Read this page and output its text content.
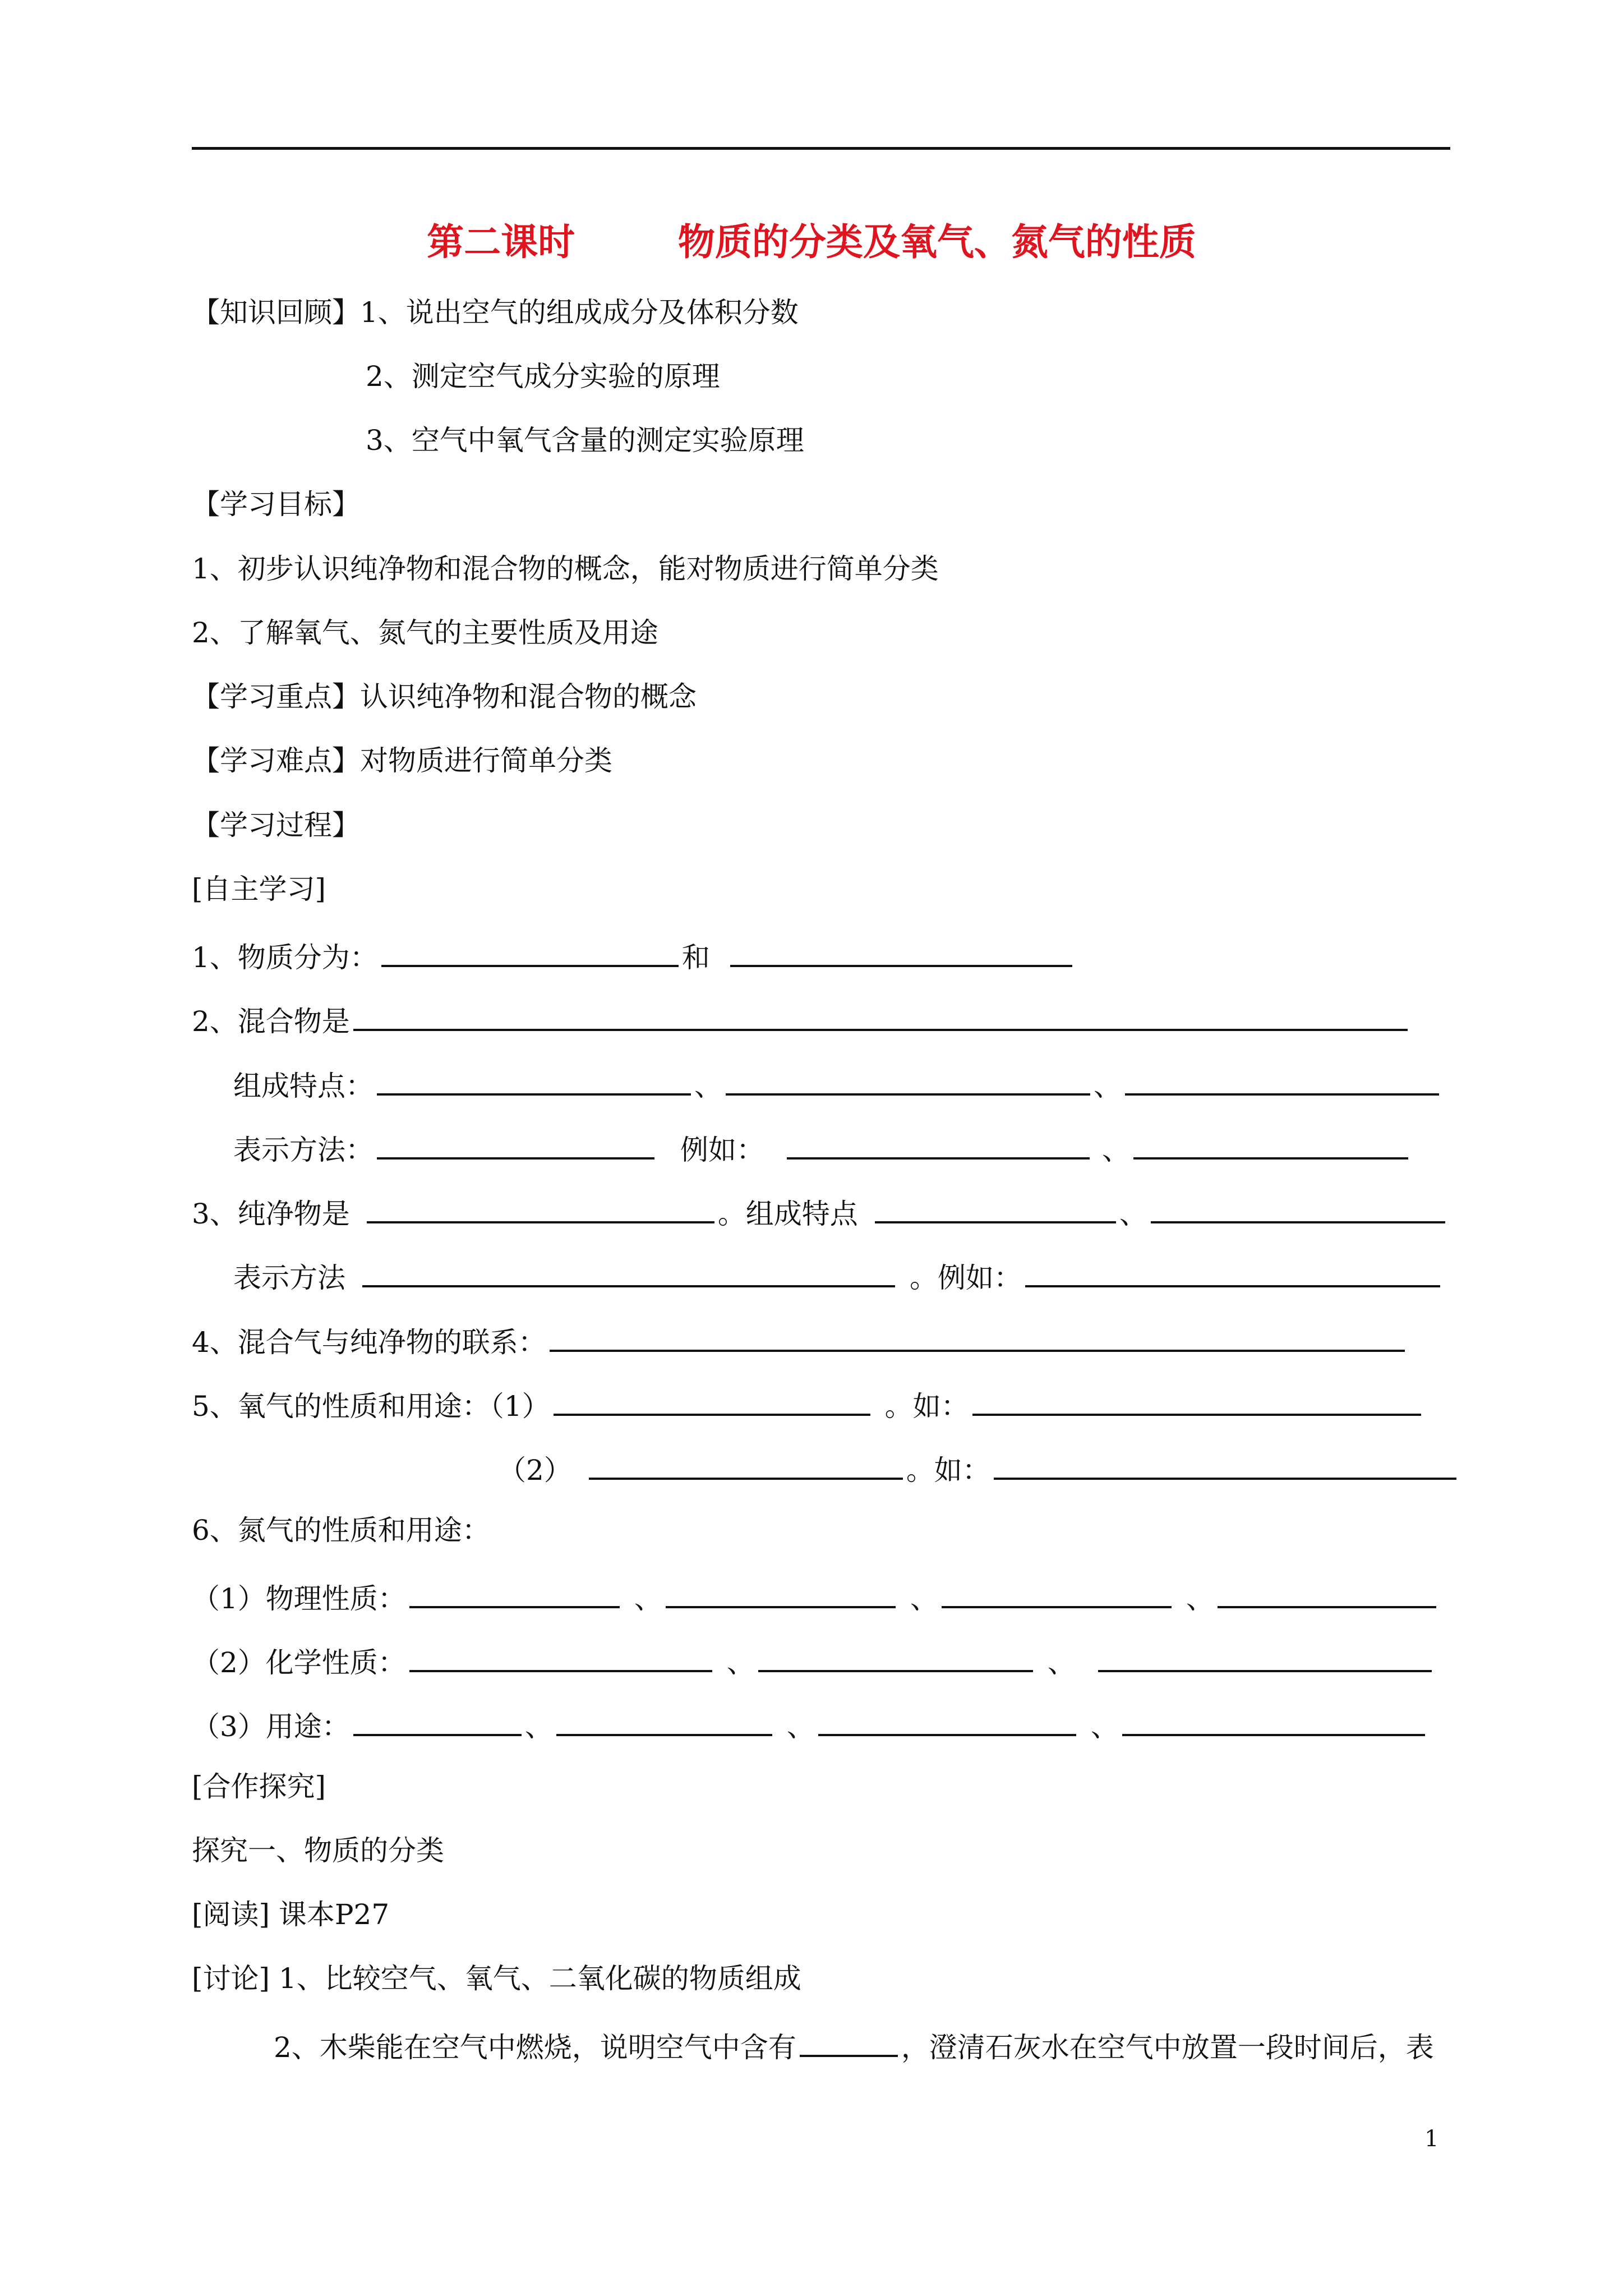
第二课时        物质的分类及氧气、氮气的性质
【知识回顾】1、说出空气的组成成分及体积分数
2、测定空气成分实验的原理
3、空气中氧气含量的测定实验原理
【学习目标】
1、初步认识纯净物和混合物的概念，能对物质进行简单分类
2、了解氧气、氮气的主要性质及用途
【学习重点】认识纯净物和混合物的概念
【学习难点】对物质进行简单分类
【学习过程】
[自主学习]
1、物质分为：	和
2、混合物是
组成特点：	、	、
表示方法：	例如：	、
3、纯净物是	。组成特点	、
表示方法	。例如：
4、混合气与纯净物的联系：
5、氧气的性质和用途：（1）	。如：
（2）	。如：
6、氮气的性质和用途：
（1）物理性质：	、	、	、
（2）化学性质：	、	、
（3）用途：	、	、	、
[合作探究]
探究一、物质的分类
[阅读] 课本P27
[讨论] 1、比较空气、氧气、二氧化碳的物质组成
2、木柴能在空气中燃烧，说明空气中含有	，澄清石灰水在空气中放置一段时间后，表
1
